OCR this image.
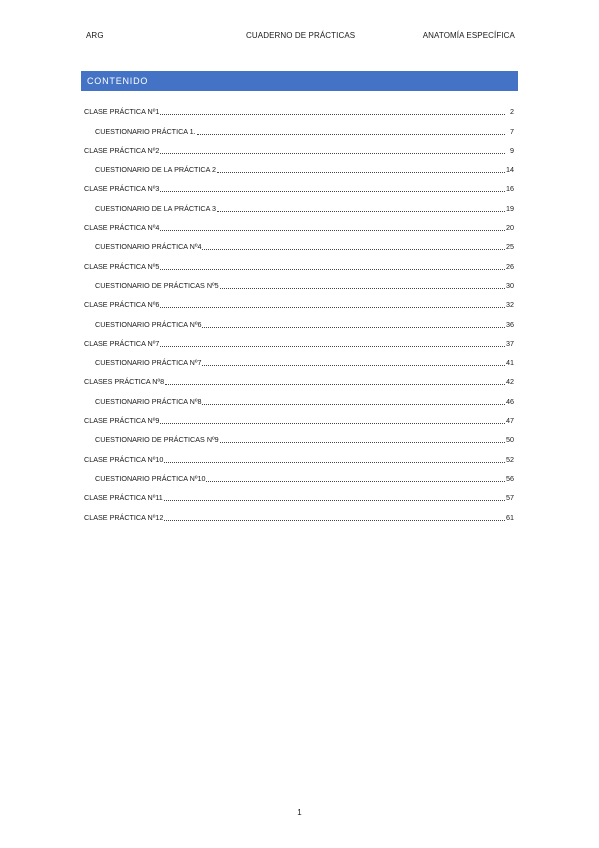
ARG	CUADERNO DE PRÁCTICAS	ANATOMÍA ESPECÍFICA
CONTENIDO
CLASE PRÁCTICA Nº1	2
CUESTIONARIO PRÁCTICA 1.	7
CLASE PRÁCTICA Nº2	9
CUESTIONARIO DE LA PRÁCTICA 2	14
CLASE PRÁCTICA Nº3	16
CUESTIONARIO DE LA PRÁCTICA 3	19
CLASE PRÁCTICA Nº4	20
CUESTIONARIO PRÁCTICA Nº4	25
CLASE PRÁCTICA Nº5	26
CUESTIONARIO DE PRÁCTICAS Nº5	30
CLASE PRÁCTICA Nº6	32
CUESTIONARIO PRÁCTICA Nº6	36
CLASE PRÁCTICA Nº7	37
CUESTIONARIO PRÁCTICA Nº7	41
CLASES PRÁCTICA Nº8	42
CUESTIONARIO PRÁCTICA Nº8	46
CLASE PRÁCTICA Nº9	47
CUESTIONARIO DE PRÁCTICAS Nº9	50
CLASE PRÁCTICA Nº10	52
CUESTIONARIO PRÁCTICA Nº10	56
CLASE PRÁCTICA Nº11	57
CLASE PRÁCTICA Nº12	61
1
